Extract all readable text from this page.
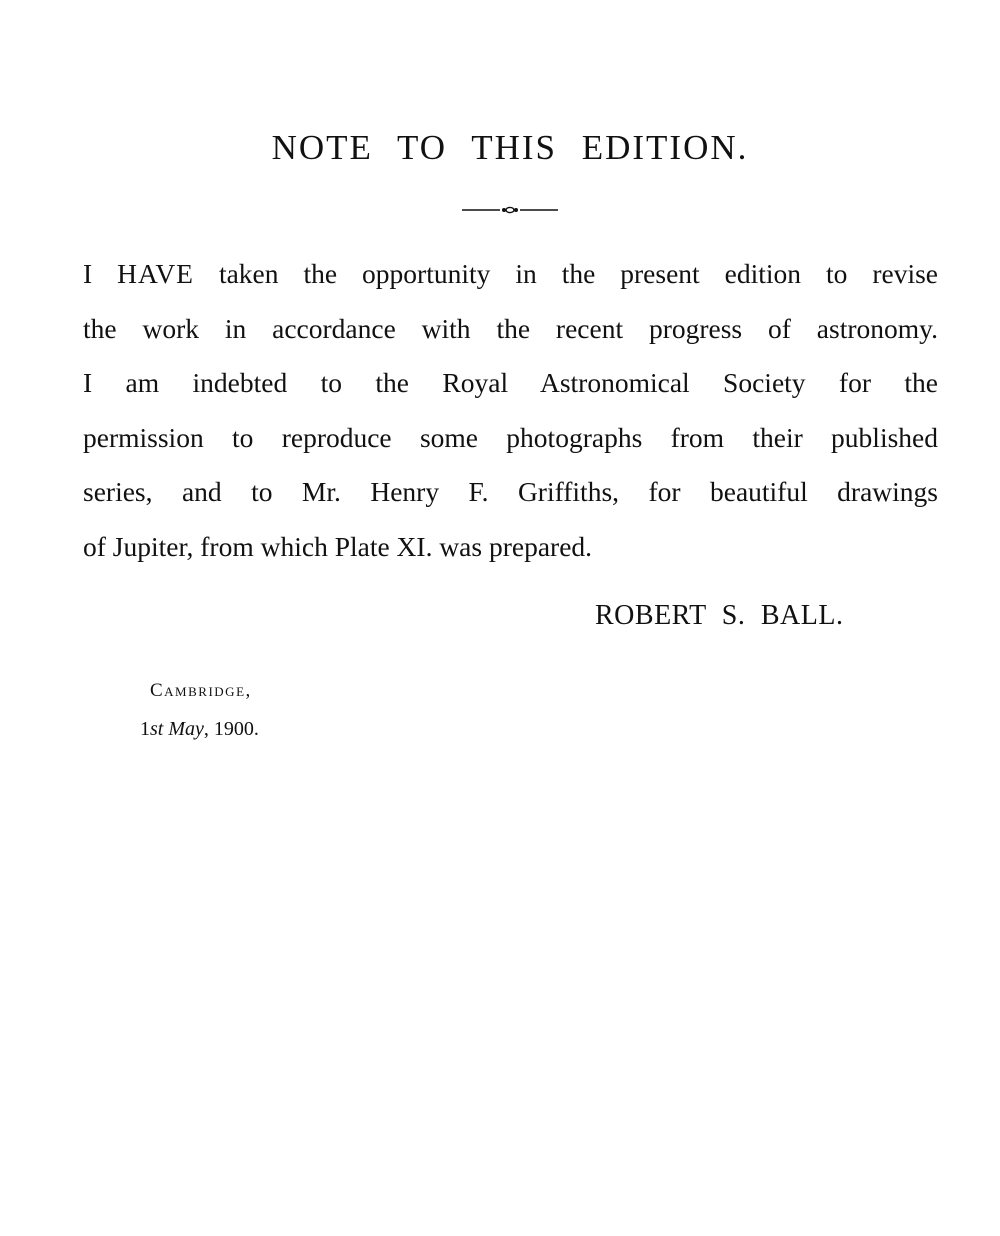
NOTE TO THIS EDITION.
I HAVE taken the opportunity in the present edition to revise
the work in accordance with the recent progress of astronomy.
I am indebted to the Royal Astronomical Society for the
permission to reproduce some photographs from their published
series, and to Mr. Henry F. Griffiths, for beautiful drawings
of Jupiter, from which Plate XI. was prepared.

ROBERT S. BALL.

Cambridge,

1st May, 1900.
